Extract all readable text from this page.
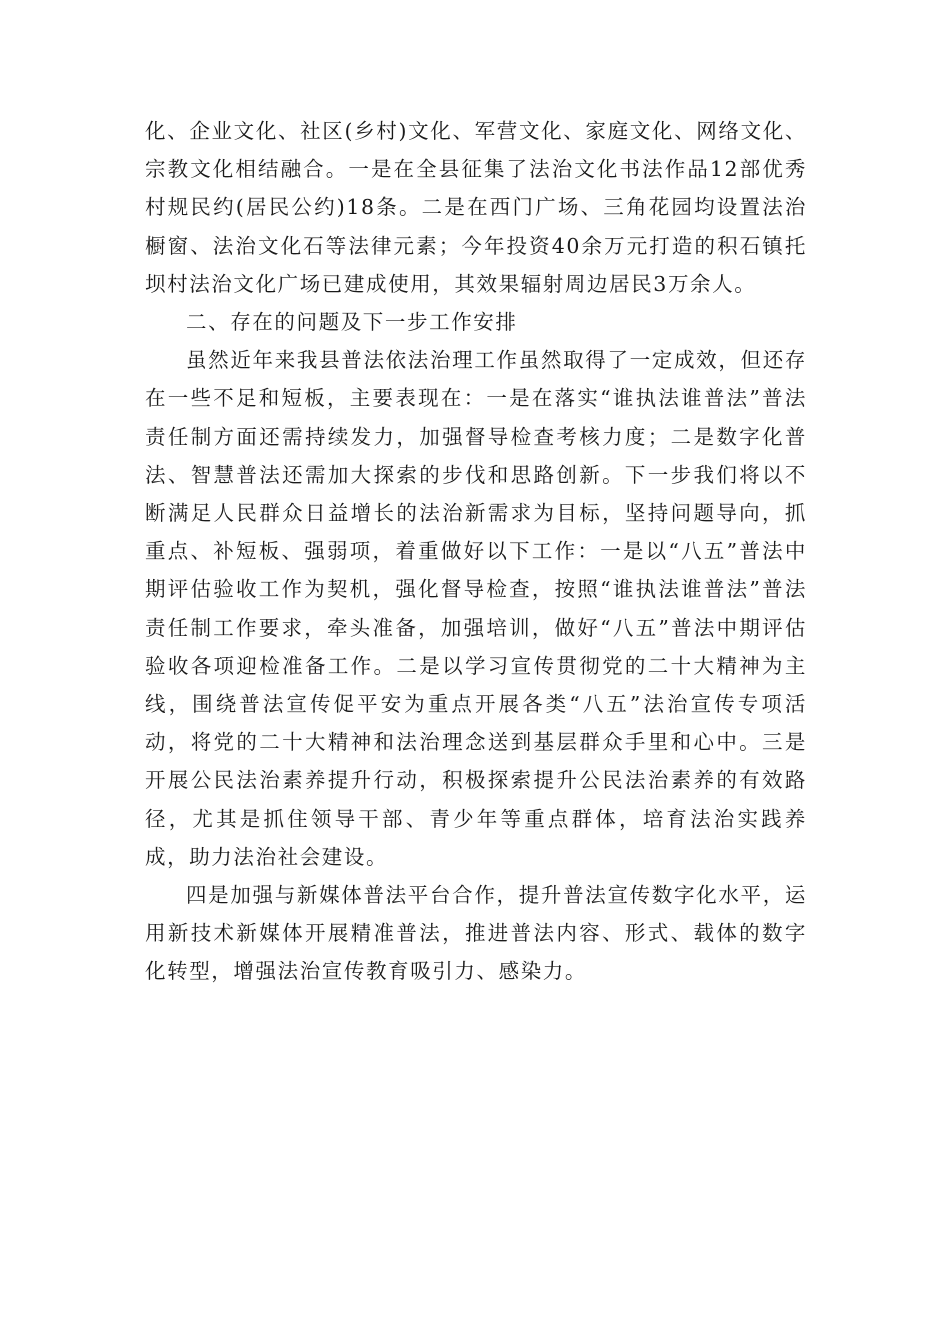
化、企业文化、社区(乡村)文化、军营文化、家庭文化、网络文化、宗教文化相结融合。一是在全县征集了法治文化书法作品12部优秀村规民约(居民公约)18条。二是在西门广场、三角花园均设置法治橱窗、法治文化石等法律元素；今年投资40余万元打造的积石镇托坝村法治文化广场已建成使用，其效果辐射周边居民3万余人。

二、存在的问题及下一步工作安排

虽然近年来我县普法依法治理工作虽然取得了一定成效，但还存在一些不足和短板，主要表现在：一是在落实“谁执法谁普法”普法责任制方面还需持续发力，加强督导检查考核力度；二是数字化普法、智慧普法还需加大探索的步伐和思路创新。下一步我们将以不断满足人民群众日益增长的法治新需求为目标，坚持问题导向，抓重点、补短板、强弱项，着重做好以下工作：一是以“八五”普法中期评估验收工作为契机，强化督导检查，按照“谁执法谁普法”普法责任制工作要求，牵头准备，加强培训，做好“八五”普法中期评估验收各项迎检准备工作。二是以学习宣传贯彻党的二十大精神为主线，围绕普法宣传促平安为重点开展各类“八五”法治宣传专项活动，将党的二十大精神和法治理念送到基层群众手里和心中。三是开展公民法治素养提升行动，积极探索提升公民法治素养的有效路径，尤其是抓住领导干部、青少年等重点群体，培育法治实践养成，助力法治社会建设。

四是加强与新媒体普法平台合作，提升普法宣传数字化水平，运用新技术新媒体开展精准普法，推进普法内容、形式、载体的数字化转型，增强法治宣传教育吸引力、感染力。
